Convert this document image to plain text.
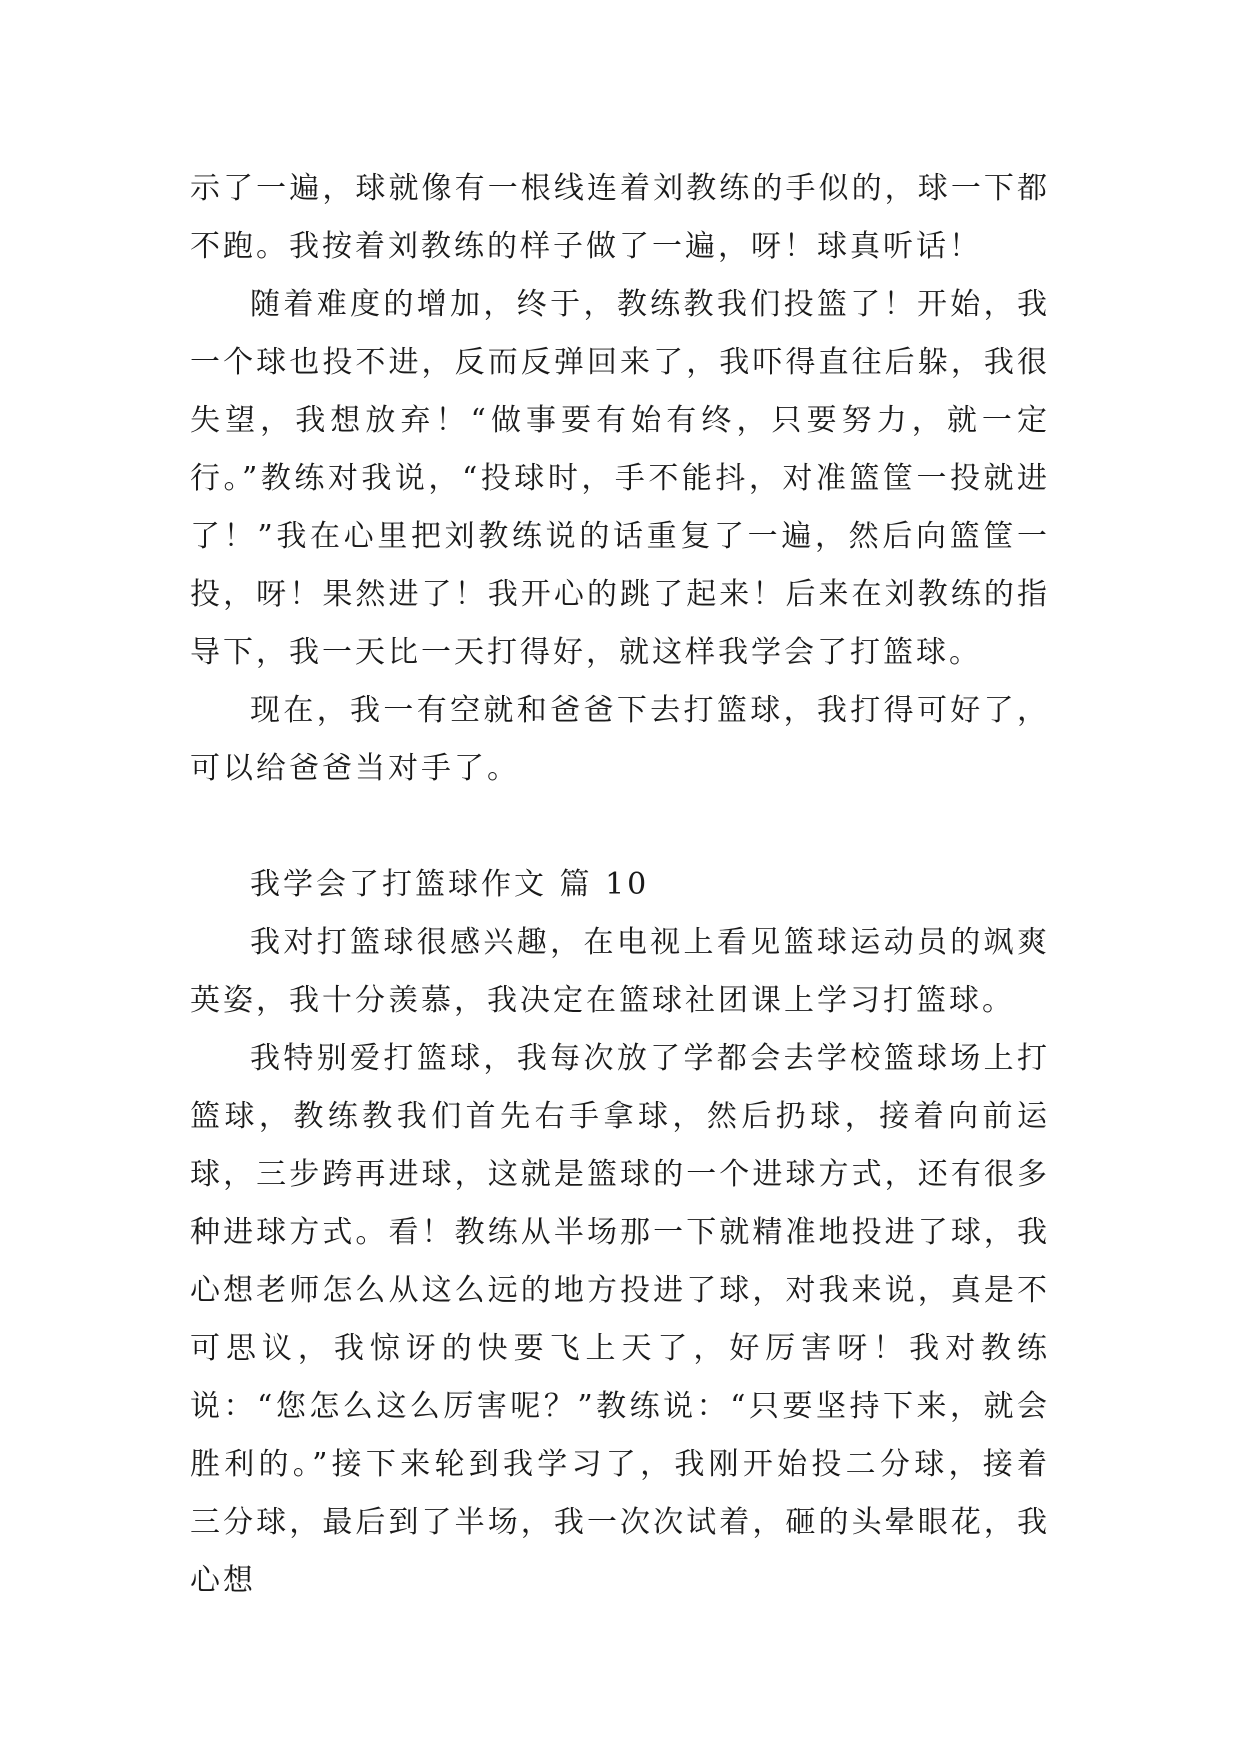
示了一遍，球就像有一根线连着刘教练的手似的，球一下都不跑。我按着刘教练的样子做了一遍，呀！球真听话！

随着难度的增加，终于，教练教我们投篮了！开始，我一个球也投不进，反而反弹回来了，我吓得直往后躲，我很失望，我想放弃！“做事要有始有终，只要努力，就一定行。”教练对我说，“投球时，手不能抖，对准篮筐一投就进了！”我在心里把刘教练说的话重复了一遍，然后向篮筐一投，呀！果然进了！我开心的跳了起来！后来在刘教练的指导下，我一天比一天打得好，就这样我学会了打篮球。

现在，我一有空就和爸爸下去打篮球，我打得可好了，可以给爸爸当对手了。

我学会了打篮球作文 篇 10

我对打篮球很感兴趣，在电视上看见篮球运动员的飒爽英姿，我十分羡慕，我决定在篮球社团课上学习打篮球。

我特别爱打篮球，我每次放了学都会去学校篮球场上打篮球，教练教我们首先右手拿球，然后扔球，接着向前运球，三步跨再进球，这就是篮球的一个进球方式，还有很多种进球方式。看！教练从半场那一下就精准地投进了球，我心想老师怎么从这么远的地方投进了球，对我来说，真是不可思议，我惊讶的快要飞上天了，好厉害呀！我对教练说：“您怎么这么厉害呢？”教练说：“只要坚持下来，就会胜利的。”接下来轮到我学习了，我刚开始投二分球，接着三分球，最后到了半场，我一次次试着，砸的头晕眼花，我心想
